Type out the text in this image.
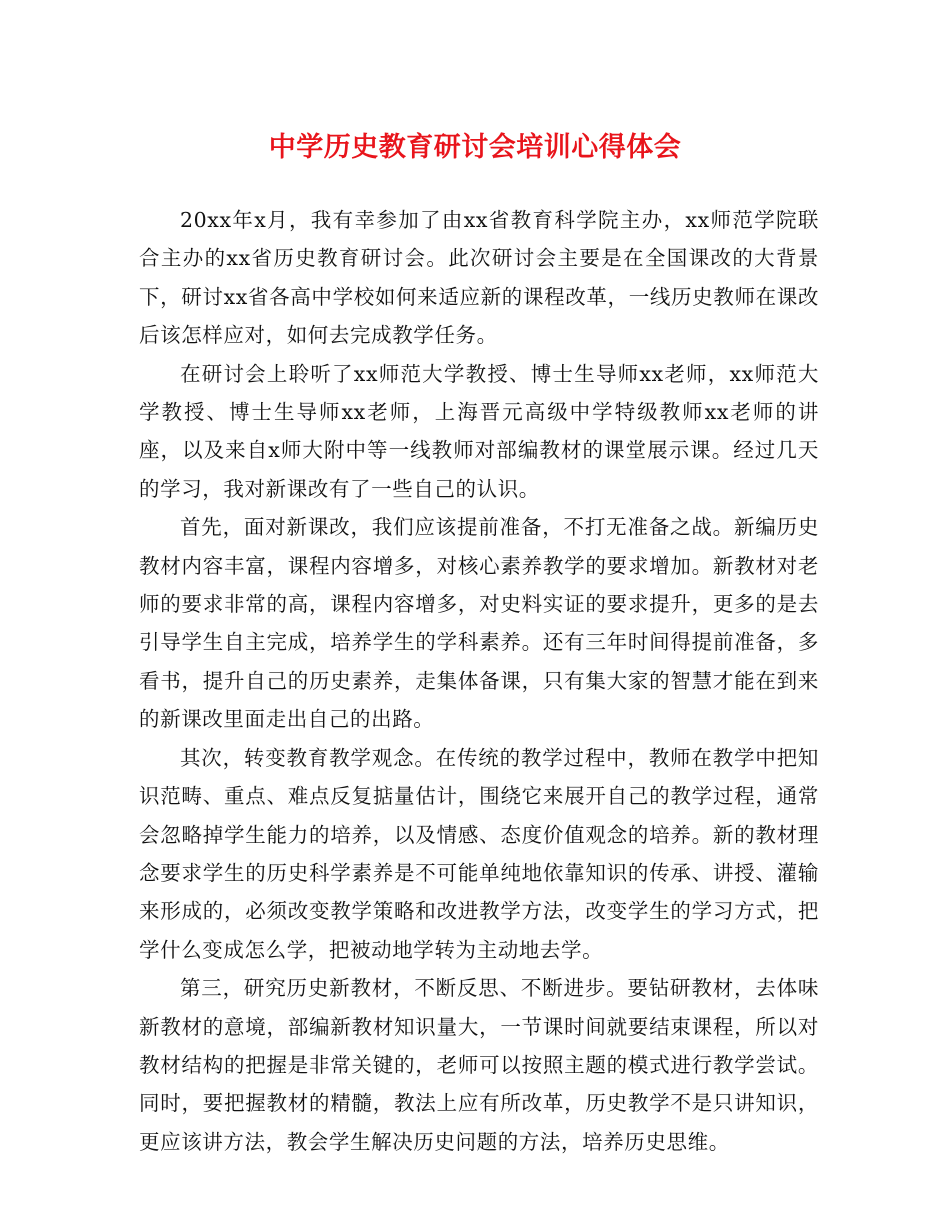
中学历史教育研讨会培训心得体会

20xx年x月，我有幸参加了由xx省教育科学院主办，xx师范学院联合主办的xx省历史教育研讨会。此次研讨会主要是在全国课改的大背景下，研讨xx省各高中学校如何来适应新的课程改革，一线历史教师在课改后该怎样应对，如何去完成教学任务。

在研讨会上聆听了xx师范大学教授、博士生导师xx老师，xx师范大学教授、博士生导师xx老师，上海晋元高级中学特级教师xx老师的讲座，以及来自x师大附中等一线教师对部编教材的课堂展示课。经过几天的学习，我对新课改有了一些自己的认识。

首先，面对新课改，我们应该提前准备，不打无准备之战。新编历史教材内容丰富，课程内容增多，对核心素养教学的要求增加。新教材对老师的要求非常的高，课程内容增多，对史料实证的要求提升，更多的是去引导学生自主完成，培养学生的学科素养。还有三年时间得提前准备，多看书，提升自己的历史素养，走集体备课，只有集大家的智慧才能在到来的新课改里面走出自己的出路。

其次，转变教育教学观念。在传统的教学过程中，教师在教学中把知识范畴、重点、难点反复掂量估计，围绕它来展开自己的教学过程，通常会忽略掉学生能力的培养，以及情感、态度价值观念的培养。新的教材理念要求学生的历史科学素养是不可能单纯地依靠知识的传承、讲授、灌输来形成的，必须改变教学策略和改进教学方法，改变学生的学习方式，把学什么变成怎么学，把被动地学转为主动地去学。

第三，研究历史新教材，不断反思、不断进步。要钻研教材，去体味新教材的意境，部编新教材知识量大，一节课时间就要结束课程，所以对教材结构的把握是非常关键的，老师可以按照主题的模式进行教学尝试。同时，要把握教材的精髓，教法上应有所改革，历史教学不是只讲知识，更应该讲方法，教会学生解决历史问题的方法，培养历史思维。
